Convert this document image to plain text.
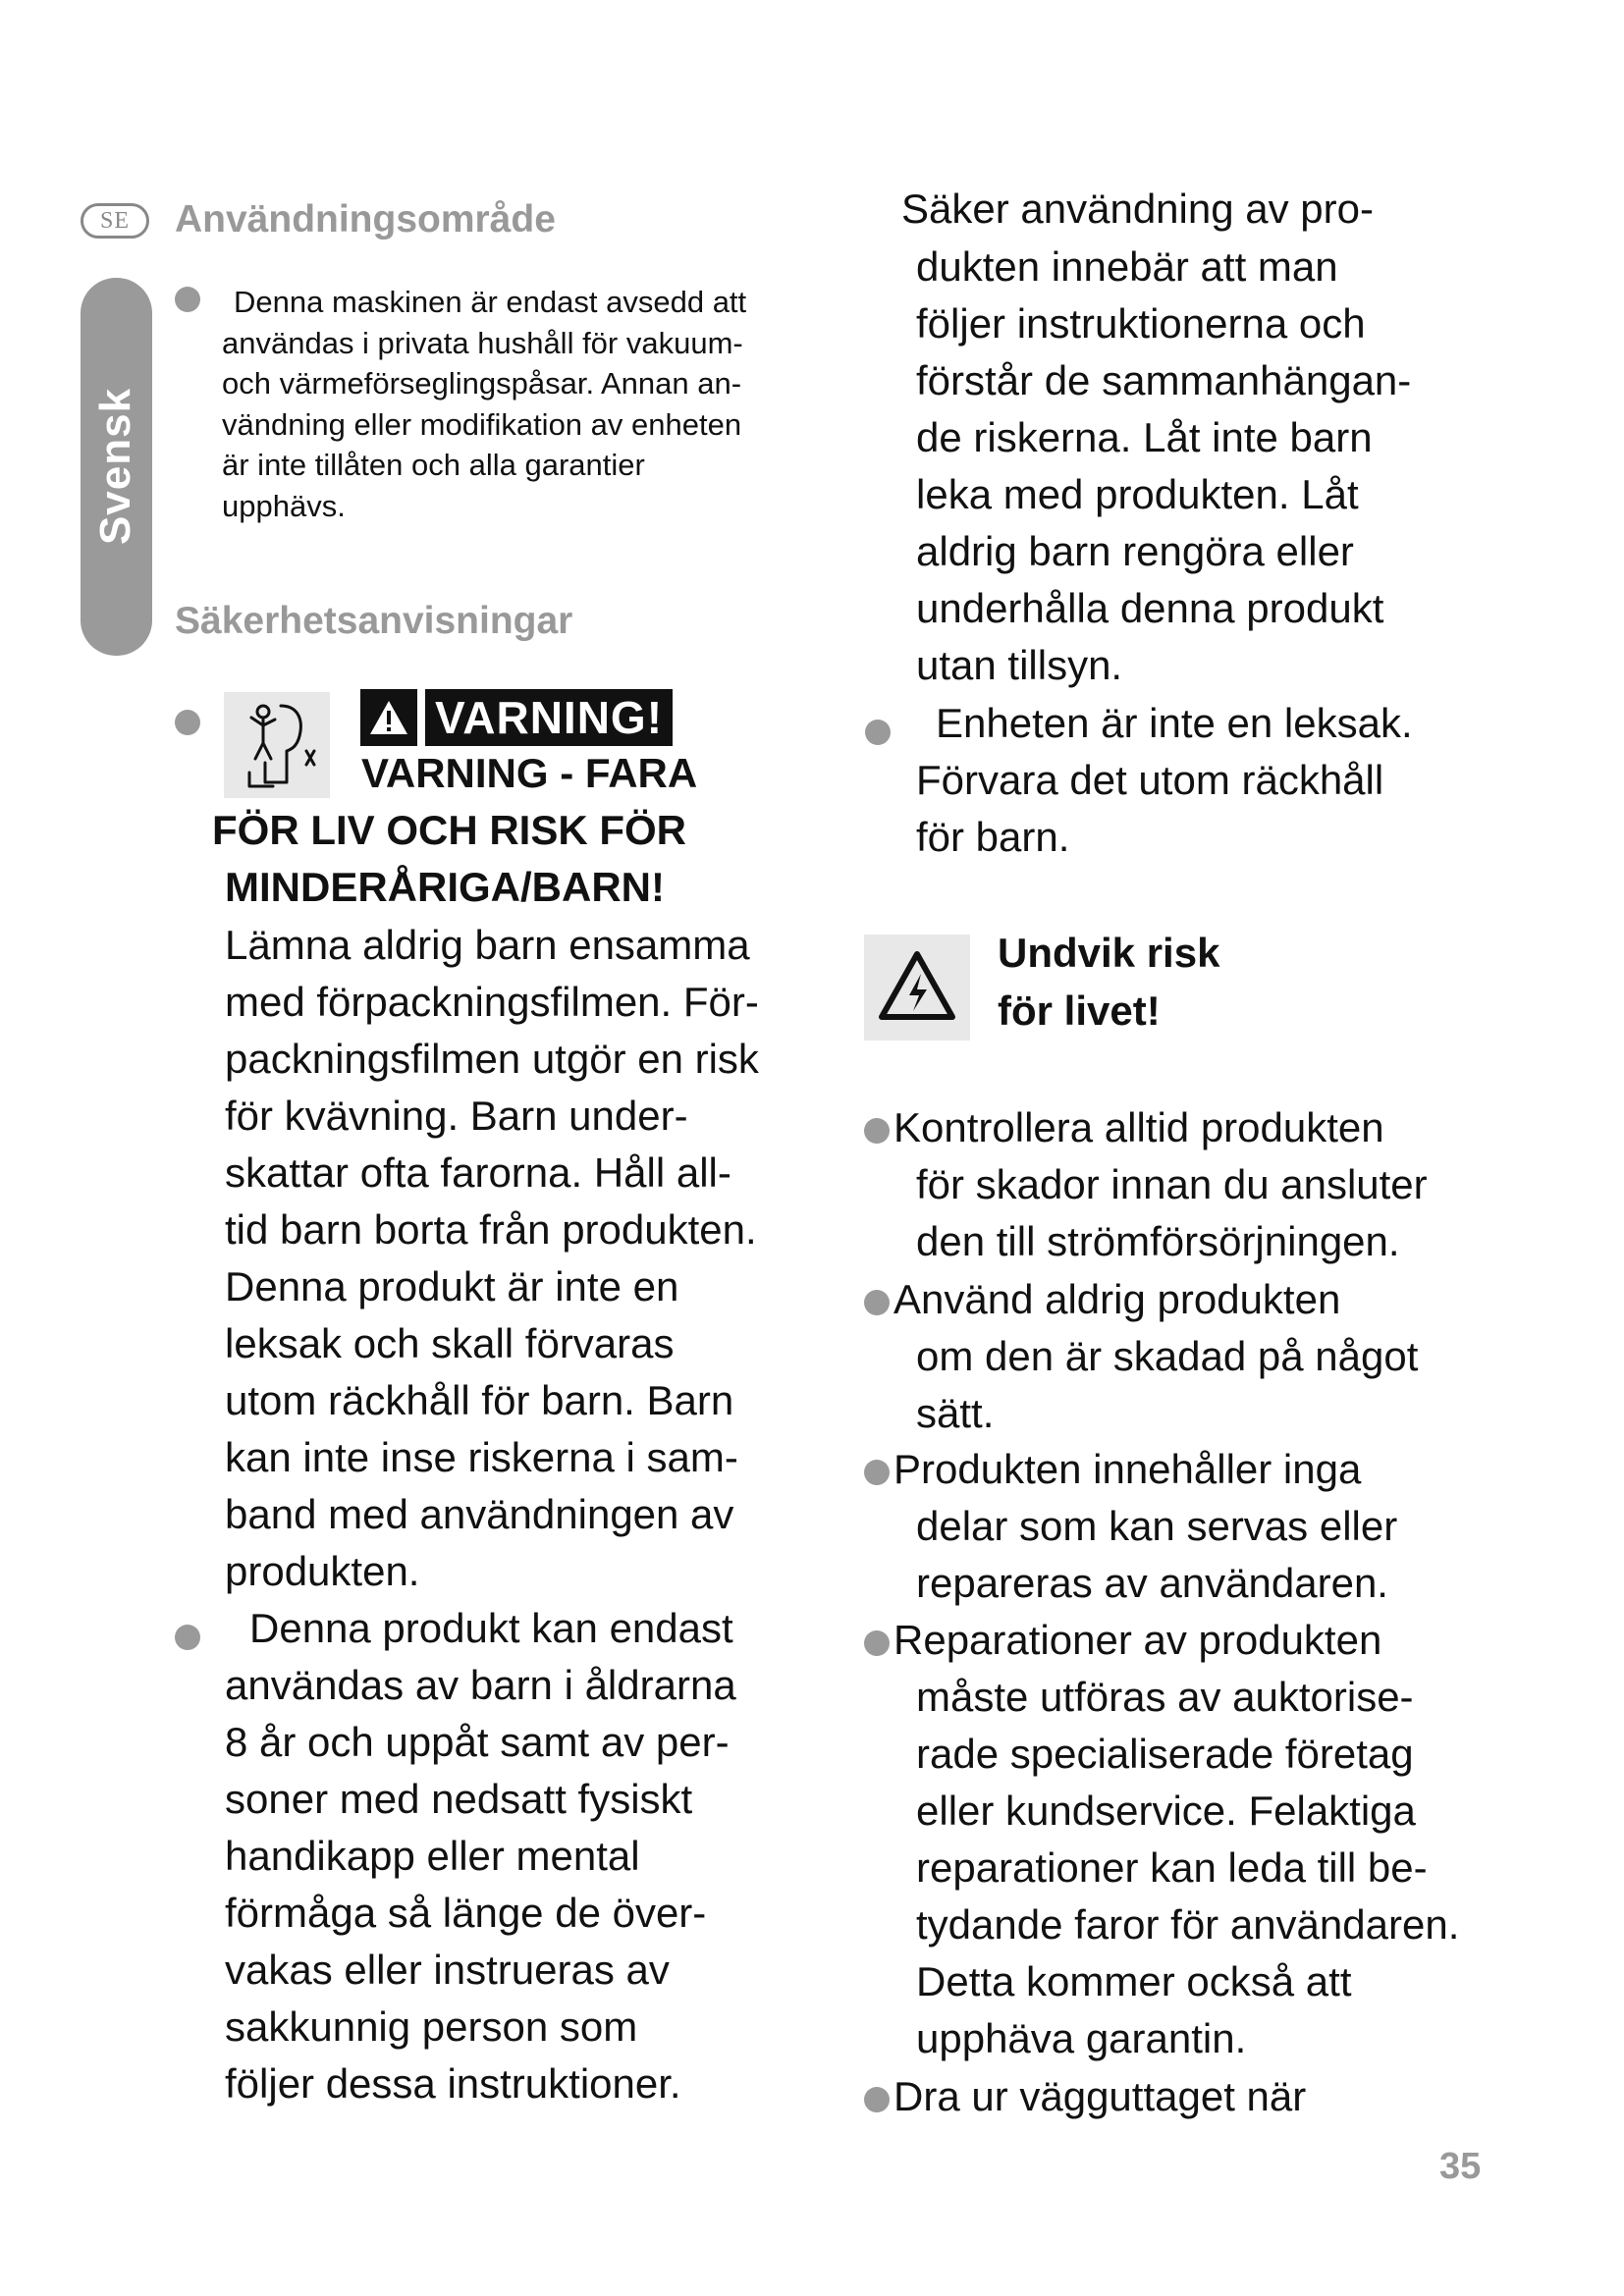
SE Användningsområde
Svensk
Denna maskinen är endast avsedd att
användas i privata hushåll för vakuum-
och värmeförseglingspåsar. Annan an-
vändning eller modifikation av enheten
är inte tillåten och alla garantier
upphävs.
Säkerhetsanvisningar
VARNING!
VARNING - FARA
FÖR LIV OCH RISK FÖR
MINDERÅRIGA/BARN!
Lämna aldrig barn ensamma
med förpackningsfilmen. För-
packningsfilmen utgör en risk
för kvävning. Barn under-
skattar ofta farorna. Håll all-
tid barn borta från produkten.
Denna produkt är inte en
leksak och skall förvaras
utom räckhåll för barn. Barn
kan inte inse riskerna i sam-
band med användningen av
produkten.
Denna produkt kan endast
användas av barn i åldrarna
8 år och uppåt samt av per-
soner med nedsatt fysiskt
handikapp eller mental
förmåga så länge de över-
vakas eller instrueras av
sakkunnig person som
följer dessa instruktioner.
Säker användning av pro-
dukten innebär att man
följer instruktionerna och
förstår de sammanhängan-
de riskerna. Låt inte barn
leka med produkten. Låt
aldrig barn rengöra eller
underhålla denna produkt
utan tillsyn.
Enheten är inte en leksak.
Förvara det utom räckhåll
för barn.
Undvik risk
för livet!
Kontrollera alltid produkten
för skador innan du ansluter
den till strömförsörjningen.
Använd aldrig produkten
om den är skadad på något
sätt.
Produkten innehåller inga
delar som kan servas eller
repareras av användaren.
Reparationer av produkten
måste utföras av auktorise-
rade specialiserade företag
eller kundservice. Felaktiga
reparationer kan leda till be-
tydande faror för användaren.
Detta kommer också att
upphäva garantin.
Dra ur vägguttaget när
35
